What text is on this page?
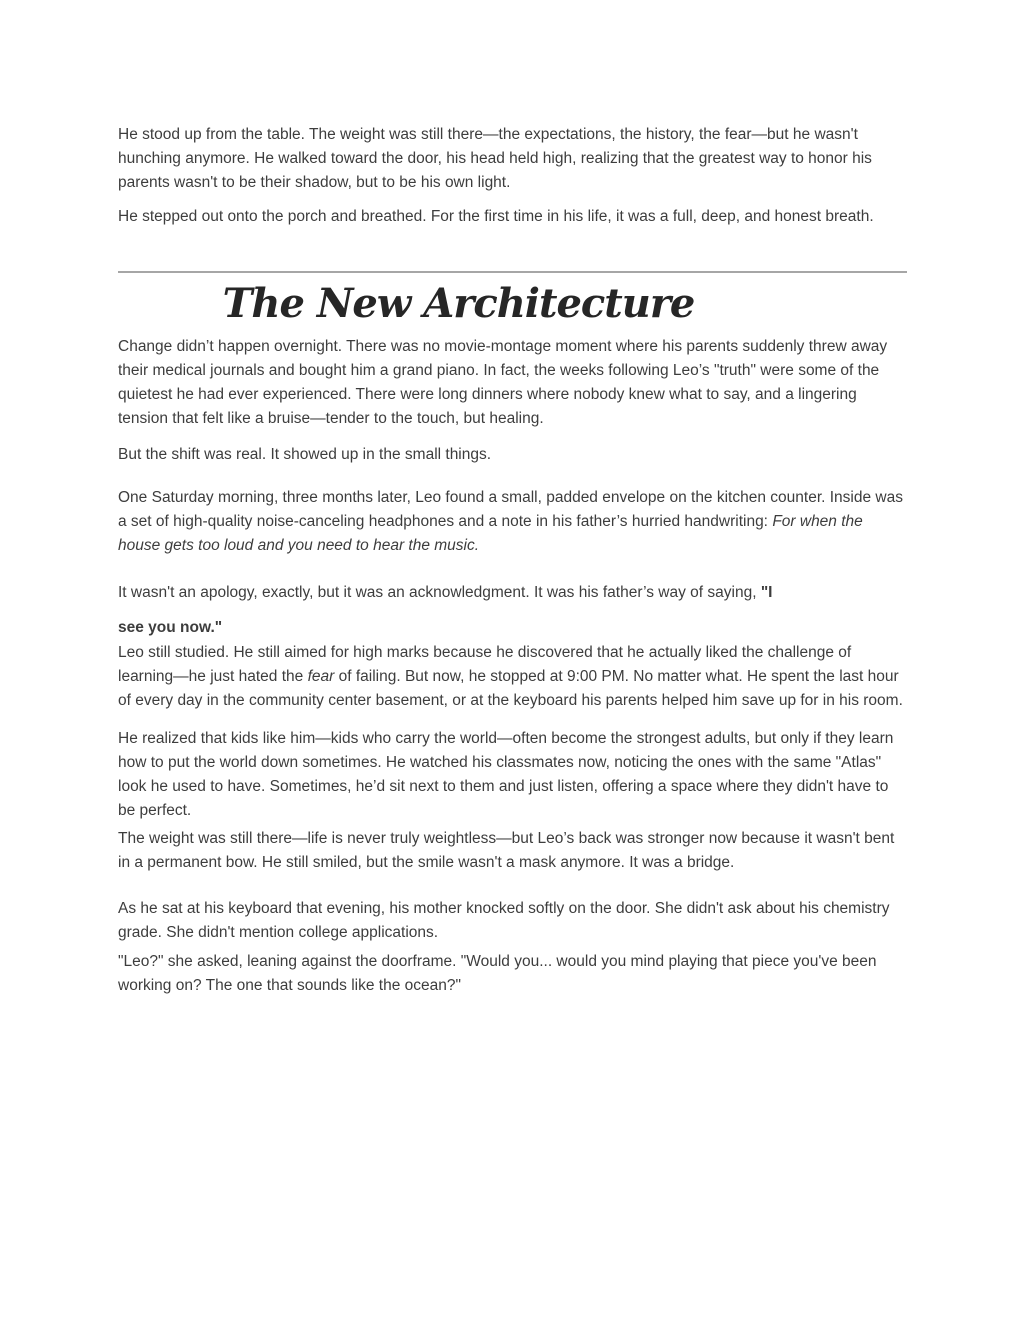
He stood up from the table. The weight was still there—the expectations, the history, the fear—but he wasn't hunching anymore. He walked toward the door, his head held high, realizing that the greatest way to honor his parents wasn't to be their shadow, but to be his own light.

He stepped out onto the porch and breathed. For the first time in his life, it was a full, deep, and honest breath.

The New Architecture

Change didn’t happen overnight. There was no movie-montage moment where his parents suddenly threw away their medical journals and bought him a grand piano. In fact, the weeks following Leo’s "truth" were some of the quietest he had ever experienced. There were long dinners where nobody knew what to say, and a lingering tension that felt like a bruise—tender to the touch, but healing.

But the shift was real. It showed up in the small things.

One Saturday morning, three months later, Leo found a small, padded envelope on the kitchen counter. Inside was a set of high-quality noise-canceling headphones and a note in his father’s hurried handwriting: For when the house gets too loud and you need to hear the music.

It wasn't an apology, exactly, but it was an acknowledgment. It was his father’s way of saying, "I

see you now."

Leo still studied. He still aimed for high marks because he discovered that he actually liked the challenge of learning—he just hated the fear of failing. But now, he stopped at 9:00 PM. No matter what. He spent the last hour of every day in the community center basement, or at the keyboard his parents helped him save up for in his room.

He realized that kids like him—kids who carry the world—often become the strongest adults, but only if they learn how to put the world down sometimes. He watched his classmates now, noticing the ones with the same "Atlas" look he used to have. Sometimes, he’d sit next to them and just listen, offering a space where they didn't have to be perfect.

The weight was still there—life is never truly weightless—but Leo’s back was stronger now because it wasn't bent in a permanent bow. He still smiled, but the smile wasn't a mask anymore. It was a bridge.

As he sat at his keyboard that evening, his mother knocked softly on the door. She didn't ask about his chemistry grade. She didn't mention college applications.

"Leo?" she asked, leaning against the doorframe. "Would you... would you mind playing that piece you've been working on? The one that sounds like the ocean?"
